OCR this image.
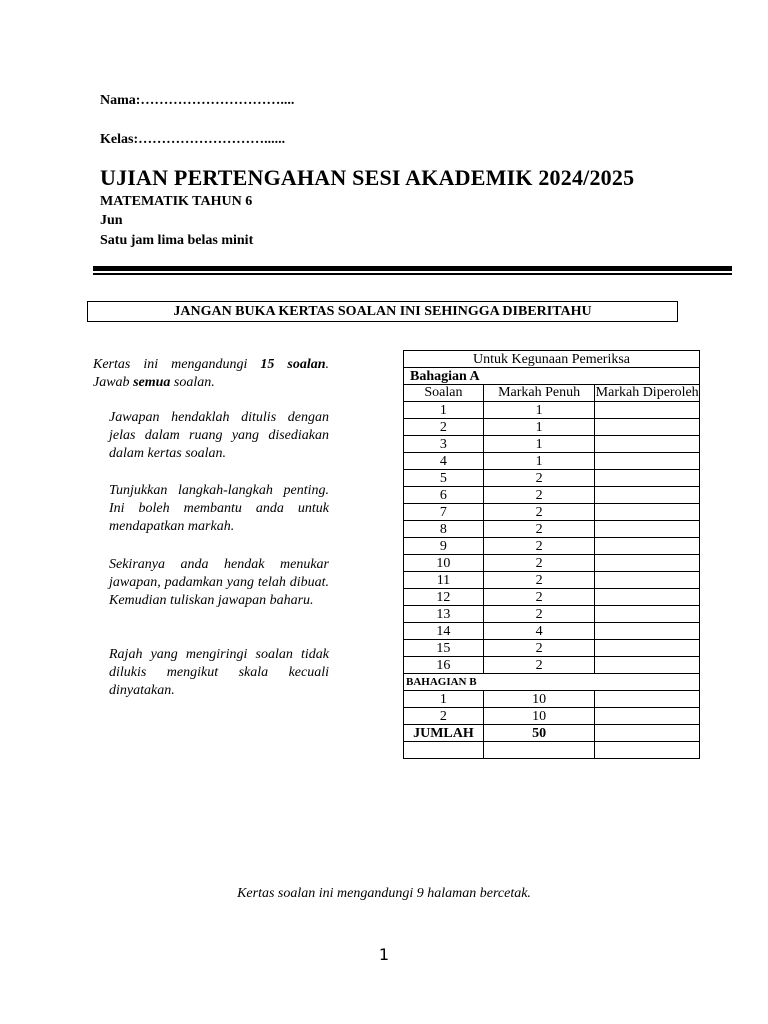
Nama:…………………………....
Kelas:………………………......
UJIAN PERTENGAHAN SESI AKADEMIK 2024/2025
MATEMATIK TAHUN 6
Jun
Satu jam lima belas minit
JANGAN BUKA KERTAS SOALAN INI SEHINGGA DIBERITAHU
Kertas ini mengandungi 15 soalan. Jawab semua soalan.
Jawapan hendaklah ditulis dengan jelas dalam ruang yang disediakan dalam kertas soalan.
Tunjukkan langkah-langkah penting. Ini boleh membantu anda untuk mendapatkan markah.
Sekiranya anda hendak menukar jawapan, padamkan yang telah dibuat. Kemudian tuliskan jawapan baharu.
Rajah yang mengiringi soalan tidak dilukis mengikut skala kecuali dinyatakan.
Untuk Kegunaan Pemeriksa		
Bahagian A		
Soalan	Markah Penuh	Markah Diperoleh
1	1	
2	1	
3	1	
4	1	
5	2	
6	2	
7	2	
8	2	
9	2	
10	2	
11	2	
12	2	
13	2	
14	4	
15	2	
16	2	
BAHAGIAN B		
1	10	
2	10	
JUMLAH	50	

Kertas soalan ini mengandungi 9 halaman bercetak.
1
